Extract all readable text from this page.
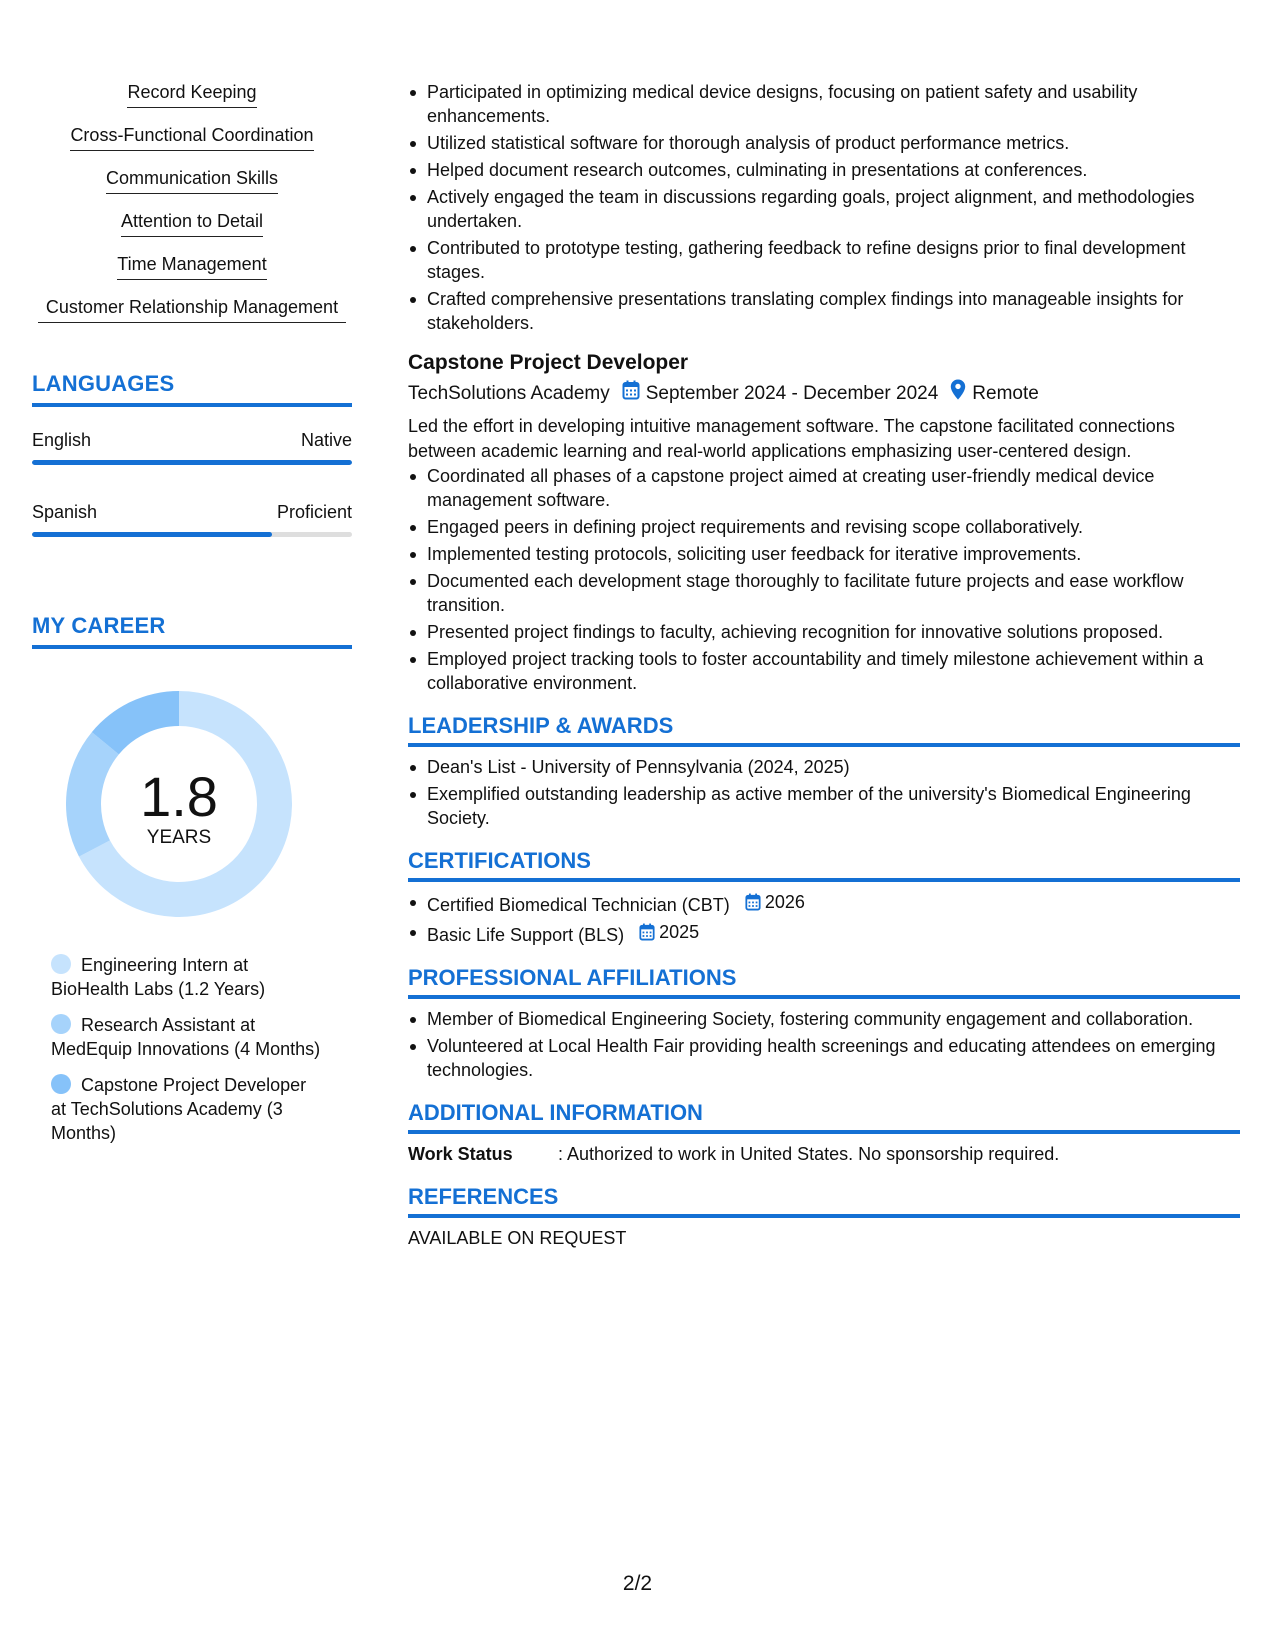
Record Keeping
Cross-Functional Coordination
Communication Skills
Attention to Detail
Time Management
Customer Relationship Management
LANGUAGES
English	Native
Spanish	Proficient
MY CAREER
1.8
YEARS
Engineering Intern at BioHealth Labs (1.2 Years)
Research Assistant at MedEquip Innovations (4 Months)
Capstone Project Developer at TechSolutions Academy (3 Months)
Participated in optimizing medical device designs, focusing on patient safety and usability enhancements.
Utilized statistical software for thorough analysis of product performance metrics.
Helped document research outcomes, culminating in presentations at conferences.
Actively engaged the team in discussions regarding goals, project alignment, and methodologies undertaken.
Contributed to prototype testing, gathering feedback to refine designs prior to final development stages.
Crafted comprehensive presentations translating complex findings into manageable insights for stakeholders.
Capstone Project Developer
TechSolutions Academy September 2024 - December 2024 Remote

Led the effort in developing intuitive management software. The capstone facilitated connections between academic learning and real-world applications emphasizing user-centered design.

Coordinated all phases of a capstone project aimed at creating user-friendly medical device management software.
Engaged peers in defining project requirements and revising scope collaboratively.
Implemented testing protocols, soliciting user feedback for iterative improvements.
Documented each development stage thoroughly to facilitate future projects and ease workflow transition.
Presented project findings to faculty, achieving recognition for innovative solutions proposed.
Employed project tracking tools to foster accountability and timely milestone achievement within a collaborative environment.
LEADERSHIP & AWARDS
Dean's List - University of Pennsylvania (2024, 2025)
Exemplified outstanding leadership as active member of the university's Biomedical Engineering Society.
CERTIFICATIONS
Certified Biomedical Technician (CBT) 2026
Basic Life Support (BLS) 2025
PROFESSIONAL AFFILIATIONS
Member of Biomedical Engineering Society, fostering community engagement and collaboration.
Volunteered at Local Health Fair providing health screenings and educating attendees on emerging technologies.
ADDITIONAL INFORMATION
Work Status	: Authorized to work in United States. No sponsorship required.
REFERENCES
AVAILABLE ON REQUEST
2/2
